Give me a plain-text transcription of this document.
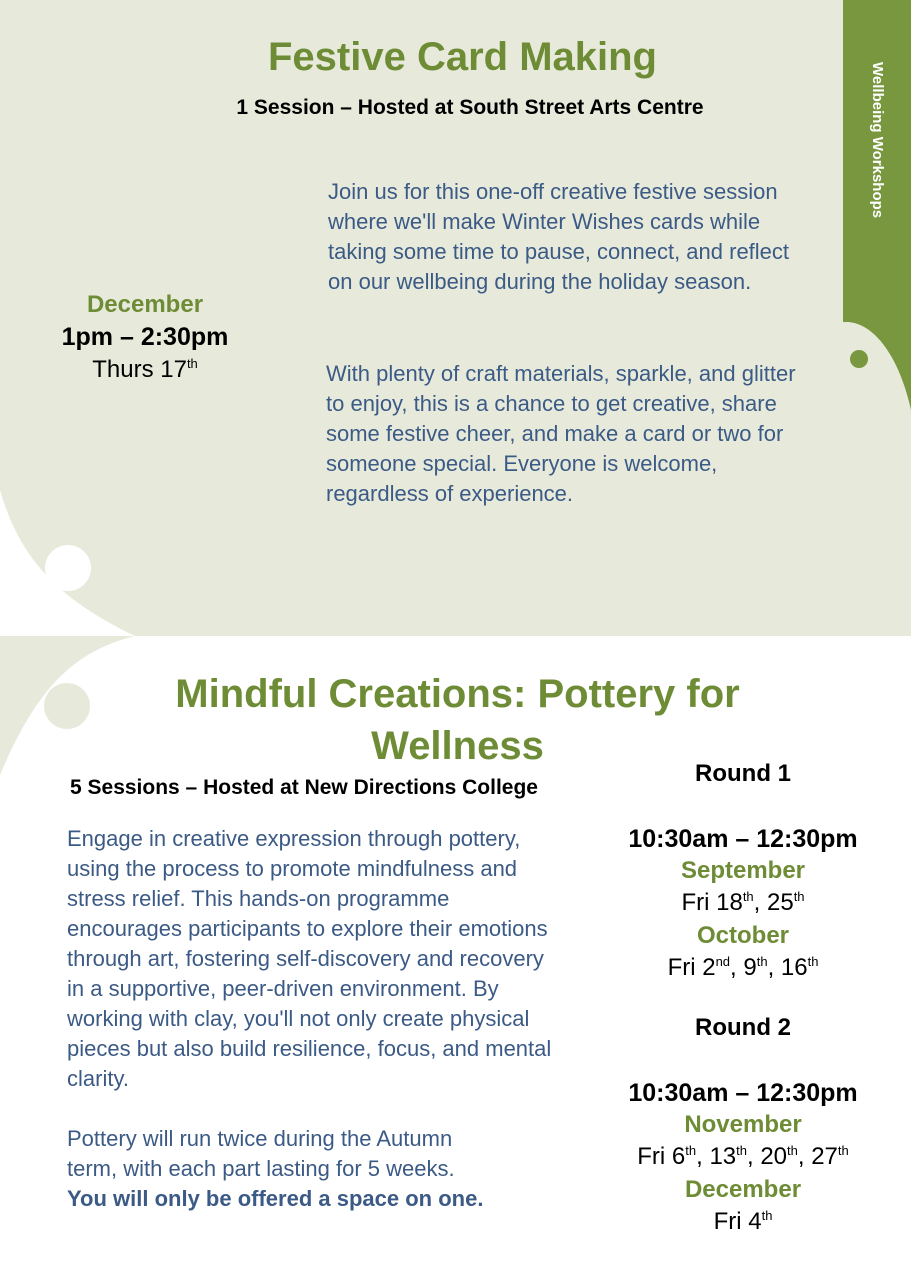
Wellbeing Workshops
Festive Card Making
1 Session – Hosted at South Street Arts Centre
December
1pm – 2:30pm
Thurs 17th

Join us for this one-off creative festive session where we'll make Winter Wishes cards while taking some time to pause, connect, and reflect on our wellbeing during the holiday season.

With plenty of craft materials, sparkle, and glitter to enjoy, this is a chance to get creative, share some festive cheer, and make a card or two for someone special. Everyone is welcome, regardless of experience.

Mindful Creations: Pottery for
Wellness
5 Sessions – Hosted at New Directions College

Engage in creative expression through pottery, using the process to promote mindfulness and stress relief. This hands-on programme encourages participants to explore their emotions through art, fostering self-discovery and recovery in a supportive, peer-driven environment. By working with clay, you'll not only create physical pieces but also build resilience, focus, and mental clarity.

Pottery will run twice during the Autumn term, with each part lasting for 5 weeks. You will only be offered a space on one.

Round 1
10:30am – 12:30pm
September
Fri 18th, 25th
October
Fri 2nd, 9th, 16th
Round 2
10:30am – 12:30pm
November
Fri 6th, 13th, 20th, 27th
December
Fri 4th
